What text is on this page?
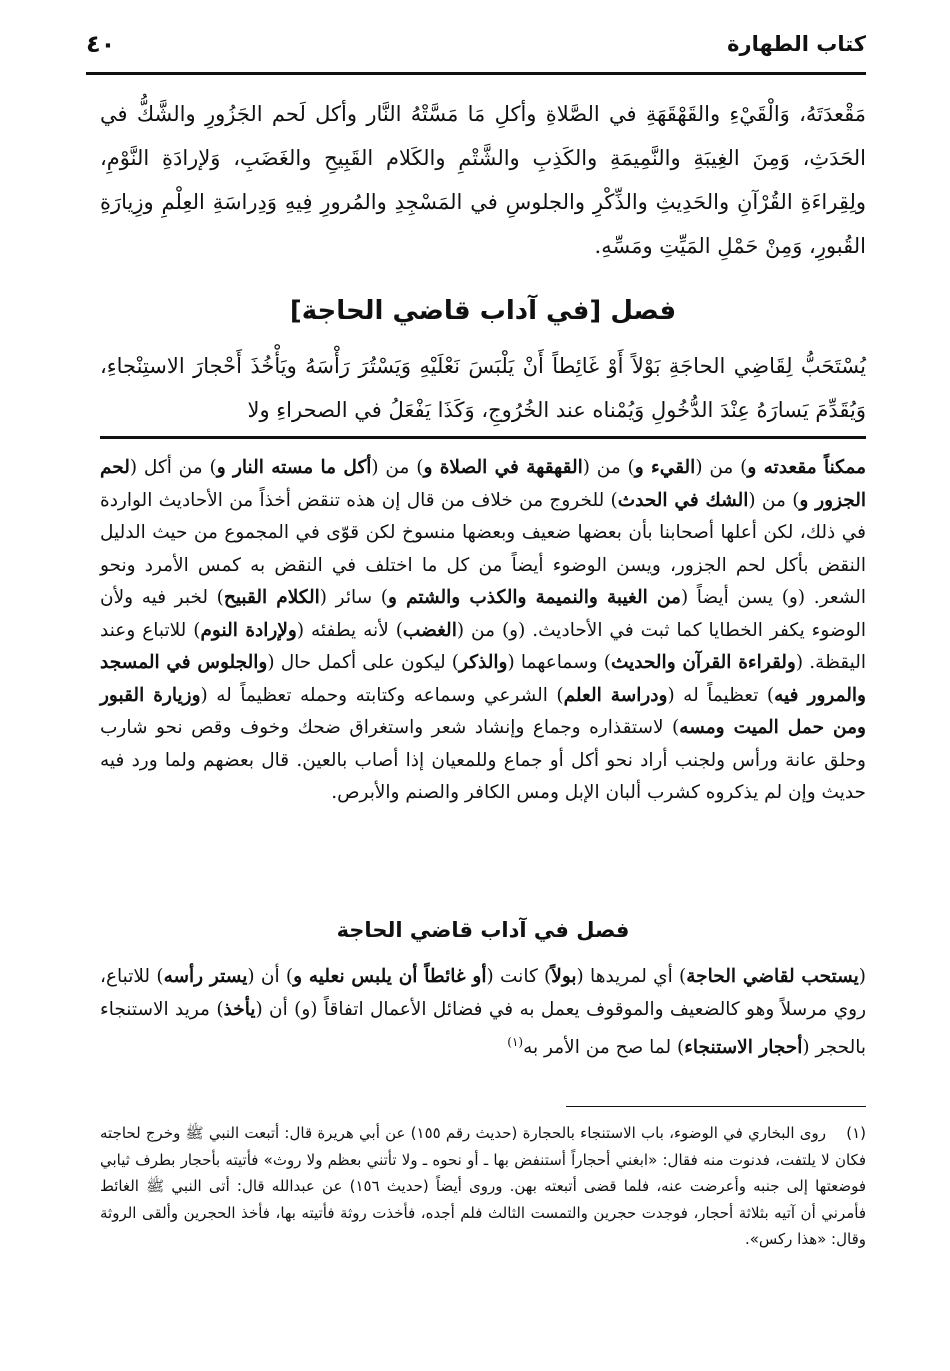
كتاب الطهارة
٤٠

مَقْعدَتَهُ، وَالْقَيْءِ والقَهْقَهَةِ في الصَّلاةِ وأكلِ مَا مَسَّتْهُ النَّار وأكل لَحم الجَزُورِ والشَّكُّ في الحَدَثِ، وَمِنَ الغِيبَةِ والنَّمِيمَةِ والكَذِبِ والشَّتْمِ والكَلام القَبِيحِ والغَضَبِ، وَلإرادَةِ النَّوْمِ، ولِقِراءَةِ القُرْآنِ والحَدِيثِ والذِّكْرِ والجلوسِ في المَسْجِدِ والمُرورِ فِيهِ وَدِراسَةِ العِلْمِ وزِيارَةِ القُبورِ، وَمِنْ حَمْلِ المَيِّتِ ومَسِّهِ.

فصل [في آداب قاضي الحاجة]

يُسْتَحَبُّ لِقَاضِي الحاجَةِ بَوْلاً أَوْ غَائِطاً أَنْ يَلْبَسَ نَعْلَيْهِ وَيَسْتُرَ رَأْسَهُ ويَأْخُذَ أَحْجارَ الاستِنْجاءِ، وَيُقَدِّمَ يَسارَهُ عِنْدَ الدُّخُولِ وَيُمْناه عند الخُرُوجِ، وَكَذَا يَفْعَلُ في الصحراءِ ولا

ممكناً مقعدته و) من (القيء و) من (القهقهة في الصلاة و) من (أكل ما مسته النار و) من أكل (لحم الجزور و) من (الشك في الحدث) للخروج من خلاف من قال إن هذه تنقض أخذاً من الأحاديث الواردة في ذلك، لكن أعلها أصحابنا بأن بعضها ضعيف وبعضها منسوخ لكن قوّى في المجموع من حيث الدليل النقض بأكل لحم الجزور، ويسن الوضوء أيضاً من كل ما اختلف في النقض به كمس الأمرد ونحو الشعر. (و) يسن أيضاً (من الغيبة والنميمة والكذب والشتم و) سائر (الكلام القبيح) لخبر فيه ولأن الوضوء يكفر الخطايا كما ثبت في الأحاديث. (و) من (الغضب) لأنه يطفئه (ولإرادة النوم) للاتباع وعند اليقظة. (ولقراءة القرآن والحديث) وسماعهما (والذكر) ليكون على أكمل حال (والجلوس في المسجد والمرور فيه) تعظيماً له (ودراسة العلم) الشرعي وسماعه وكتابته وحمله تعظيماً له (وزيارة القبور ومن حمل الميت ومسه) لاستقذاره وجماع وإنشاد شعر واستغراق ضحك وخوف وقص نحو شارب وحلق عانة ورأس ولجنب أراد نحو أكل أو جماع وللمعيان إذا أصاب بالعين. قال بعضهم ولما ورد فيه حديث وإن لم يذكروه كشرب ألبان الإبل ومس الكافر والصنم والأبرص.

فصل في آداب قاضي الحاجة

(يستحب لقاضي الحاجة) أي لمريدها (بولاً) كانت (أو غائطاً أن يلبس نعليه و) أن (يستر رأسه) للاتباع، روي مرسلاً وهو كالضعيف والموقوف يعمل به في فضائل الأعمال اتفاقاً (و) أن (يأخذ) مريد الاستنجاء بالحجر (أحجار الاستنجاء) لما صح من الأمر به$^{(١)}$

(١)روى البخاري في الوضوء، باب الاستنجاء بالحجارة (حديث رقم ١٥٥) عن أبي هريرة قال: أتبعت النبي ﷺ وخرج لحاجته فكان لا يلتفت، فدنوت منه فقال: «ابغني أحجاراً أستنفض بها ـ أو نحوه ـ ولا تأتني بعظم ولا روث» فأتيته بأحجار بطرف ثيابي فوضعتها إلى جنبه وأعرضت عنه، فلما قضى أتبعته بهن. وروى أيضاً (حديث ١٥٦) عن عبدالله قال: أتى النبي ﷺ الغائط فأمرني أن آتيه بثلاثة أحجار، فوجدت حجرين والتمست الثالث فلم أجده، فأخذت روثة فأتيته بها، فأخذ الحجرين وألقى الروثة وقال: «هذا ركس».
